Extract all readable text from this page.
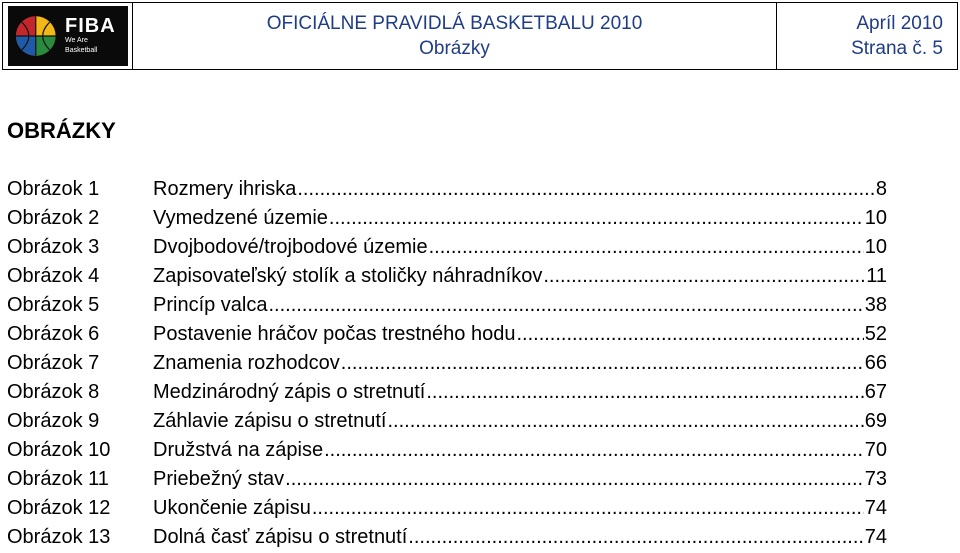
FIBA
We Are Basketball
OFICIÁLNE PRAVIDLÁ BASKETBALU 2010
Obrázky
Apríl 2010
Strana č. 5
OBRÁZKY
Obrázok 1	Rozmery ihriska .....	8
Obrázok 2	Vymedzené územie .....	10
Obrázok 3	Dvojbodové/trojbodové územie .....	10
Obrázok 4	Zapisovateľský stolík a stoličky náhradníkov .....	11
Obrázok 5	Princíp valca .....	38
Obrázok 6	Postavenie hráčov počas trestného hodu .....	52
Obrázok 7	Znamenia rozhodcov .....	66
Obrázok 8	Medzinárodný zápis o stretnutí .....	67
Obrázok 9	Záhlavie zápisu o stretnutí .....	69
Obrázok 10	Družstvá na zápise .....	70
Obrázok 11	Priebežný stav .....	73
Obrázok 12	Ukončenie zápisu .....	74
Obrázok 13	Dolná časť zápisu o stretnutí .....	74
